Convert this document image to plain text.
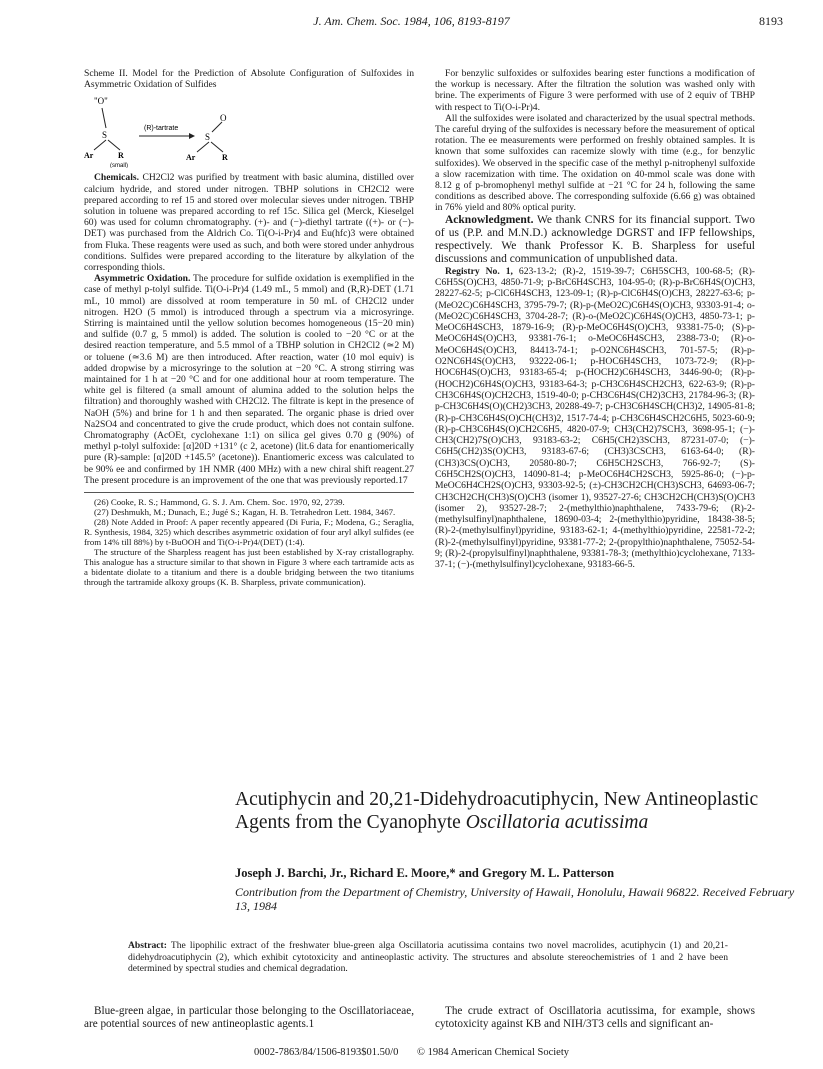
J. Am. Chem. Soc. 1984, 106, 8193-8197	8193

Scheme II. Model for the Prediction of Absolute Configuration of Sulfoxides in Asymmetric Oxidation of Sulfides

"O"
S
Ar	R
(R)-tartrate
O
S
Ar	R
(small)

Chemicals. CH2Cl2 was purified by treatment with basic alumina, distilled over calcium hydride, and stored under nitrogen. TBHP solutions in CH2Cl2 were prepared according to ref 15 and stored over molecular sieves under nitrogen. TBHP solution in toluene was prepared according to ref 15c. Silica gel (Merck, Kieselgel 60) was used for column chromatography. (+)- and (−)-diethyl tartrate ((+)- or (−)-DET) was purchased from the Aldrich Co. Ti(O-i-Pr)4 and Eu(hfc)3 were obtained from Fluka. These reagents were used as such, and both were stored under anhydrous conditions. Sulfides were prepared according to the literature by alkylation of the corresponding thiols.

Asymmetric Oxidation. The procedure for sulfide oxidation is exemplified in the case of methyl p-tolyl sulfide. Ti(O-i-Pr)4 (1.49 mL, 5 mmol) and (R,R)-DET (1.71 mL, 10 mmol) are dissolved at room temperature in 50 mL of CH2Cl2 under nitrogen. H2O (5 mmol) is introduced through a spectrum via a microsyringe. Stirring is maintained until the yellow solution becomes homogeneous (15−20 min) and sulfide (0.7 g, 5 mmol) is added. The solution is cooled to −20 °C or at the desired reaction temperature, and 5.5 mmol of a TBHP solution in CH2Cl2 (≃2 M) or toluene (≃3.6 M) are then introduced. After reaction, water (10 mol equiv) is added dropwise by a microsyringe to the solution at −20 °C. A strong stirring was maintained for 1 h at −20 °C and for one additional hour at room temperature. The white gel is filtered (a small amount of alumina added to the solution helps the filtration) and thoroughly washed with CH2Cl2. The filtrate is kept in the presence of NaOH (5%) and brine for 1 h and then separated. The organic phase is dried over Na2SO4 and concentrated to give the crude product, which does not contain sulfone. Chromatography (AcOEt, cyclohexane 1:1) on silica gel gives 0.70 g (90%) of methyl p-tolyl sulfoxide: [α]20D +131° (c 2, acetone) (lit.6 data for enantiomerically pure (R)-sample: [α]20D +145.5° (acetone)). Enantiomeric excess was calculated to be 90% ee and confirmed by 1H NMR (400 MHz) with a new chiral shift reagent.27 The present procedure is an improvement of the one that was previously reported.17

(26) Cooke, R. S.; Hammond, G. S. J. Am. Chem. Soc. 1970, 92, 2739.

(27) Deshmukh, M.; Dunach, E.; Jugé S.; Kagan, H. B. Tetrahedron Lett. 1984, 3467.

(28) Note Added in Proof: A paper recently appeared (Di Furia, F.; Modena, G.; Seraglia, R. Synthesis, 1984, 325) which describes asymmetric oxidation of four aryl alkyl sulfides (ee from 14% till 88%) by t-BuOOH and Ti(O-i-Pr)4/(DET) (1:4).

The structure of the Sharpless reagent has just been established by X-ray cristallography. This analogue has a structure similar to that shown in Figure 3 where each tartramide acts as a bidentate diolate to a titanium and there is a double bridging between the two titaniums through the tartramide alkoxy groups (K. B. Sharpless, private communication).

For benzylic sulfoxides or sulfoxides bearing ester functions a modification of the workup is necessary. After the filtration the solution was washed only with brine. The experiments of Figure 3 were performed with use of 2 equiv of TBHP with respect to Ti(O-i-Pr)4.

All the sulfoxides were isolated and characterized by the usual spectral methods. The careful drying of the sulfoxides is necessary before the measurement of optical rotation. The ee measurements were performed on freshly obtained samples. It is known that some sulfoxides can racemize slowly with time (e.g., for benzylic sulfoxides). We observed in the specific case of the methyl p-nitrophenyl sulfoxide a slow racemization with time. The oxidation on 40-mmol scale was done with 8.12 g of p-bromophenyl methyl sulfide at −21 °C for 24 h, following the same conditions as described above. The corresponding sulfoxide (6.66 g) was obtained in 76% yield and 80% optical purity.

Acknowledgment. We thank CNRS for its financial support. Two of us (P.P. and M.N.D.) acknowledge DGRST and IFP fellowships, respectively. We thank Professor K. B. Sharpless for useful discussions and communication of unpublished data.

Registry No. 1, 623-13-2; (R)-2, 1519-39-7; C6H5SCH3, 100-68-5; (R)-C6H5S(O)CH3, 4850-71-9; p-BrC6H4SCH3, 104-95-0; (R)-p-BrC6H4S(O)CH3, 28227-62-5; p-ClC6H4SCH3, 123-09-1; (R)-p-ClC6H4S(O)CH3, 28227-63-6; p-(MeO2C)C6H4SCH3, 3795-79-7; (R)-p-(MeO2C)C6H4S(O)CH3, 93303-91-4; o-(MeO2C)C6H4SCH3, 3704-28-7; (R)-o-(MeO2C)C6H4S(O)CH3, 4850-73-1; p-MeOC6H4SCH3, 1879-16-9; (R)-p-MeOC6H4S(O)CH3, 93381-75-0; (S)-p-MeOC6H4S(O)CH3, 93381-76-1; o-MeOC6H4SCH3, 2388-73-0; (R)-o-MeOC6H4S(O)CH3, 84413-74-1; p-O2NC6H4SCH3, 701-57-5; (R)-p-O2NC6H4S(O)CH3, 93222-06-1; p-HOC6H4SCH3, 1073-72-9; (R)-p-HOC6H4S(O)CH3, 93183-65-4; p-(HOCH2)C6H4SCH3, 3446-90-0; (R)-p-(HOCH2)C6H4S(O)CH3, 93183-64-3; p-CH3C6H4SCH2CH3, 622-63-9; (R)-p-CH3C6H4S(O)CH2CH3, 1519-40-0; p-CH3C6H4S(CH2)3CH3, 21784-96-3; (R)-p-CH3C6H4S(O)(CH2)3CH3, 20288-49-7; p-CH3C6H4SCH(CH3)2, 14905-81-8; (R)-p-CH3C6H4S(O)CH(CH3)2, 1517-74-4; p-CH3C6H4SCH2C6H5, 5023-60-9; (R)-p-CH3C6H4S(O)CH2C6H5, 4820-07-9; CH3(CH2)7SCH3, 3698-95-1; (−)-CH3(CH2)7S(O)CH3, 93183-63-2; C6H5(CH2)3SCH3, 87231-07-0; (−)-C6H5(CH2)3S(O)CH3, 93183-67-6; (CH3)3CSCH3, 6163-64-0; (R)-(CH3)3CS(O)CH3, 20580-80-7; C6H5CH2SCH3, 766-92-7; (S)-C6H5CH2S(O)CH3, 14090-81-4; p-MeOC6H4CH2SCH3, 5925-86-0; (−)-p-MeOC6H4CH2S(O)CH3, 93303-92-5; (±)-CH3CH2CH(CH3)SCH3, 64693-06-7; CH3CH2CH(CH3)S(O)CH3 (isomer 1), 93527-27-6; CH3CH2CH(CH3)S(O)CH3 (isomer 2), 93527-28-7; 2-(methylthio)naphthalene, 7433-79-6; (R)-2-(methylsulfinyl)naphthalene, 18690-03-4; 2-(methylthio)pyridine, 18438-38-5; (R)-2-(methylsulfinyl)pyridine, 93183-62-1; 4-(methylthio)pyridine, 22581-72-2; (R)-2-(methylsulfinyl)pyridine, 93381-77-2; 2-(propylthio)naphthalene, 75052-54-9; (R)-2-(propylsulfinyl)naphthalene, 93381-78-3; (methylthio)cyclohexane, 7133-37-1; (−)-(methylsulfinyl)cyclohexane, 93183-66-5.

Acutiphycin and 20,21-Didehydroacutiphycin, New Antineoplastic Agents from the Cyanophyte Oscillatoria acutissima
Joseph J. Barchi, Jr., Richard E. Moore,* and Gregory M. L. Patterson
Contribution from the Department of Chemistry, University of Hawaii, Honolulu, Hawaii 96822. Received February 13, 1984
Abstract: The lipophilic extract of the freshwater blue-green alga Oscillatoria acutissima contains two novel macrolides, acutiphycin (1) and 20,21-didehydroacutiphycin (2), which exhibit cytotoxicity and antineoplastic activity. The structures and absolute stereochemistries of 1 and 2 have been determined by spectral studies and chemical degradation.
Blue-green algae, in particular those belonging to the Oscillatoriaceae, are potential sources of new antineoplastic agents.1
The crude extract of Oscillatoria acutissima, for example, shows cytotoxicity against KB and NIH/3T3 cells and significant an-
0002-7863/84/1506-8193$01.50/0 © 1984 American Chemical Society
